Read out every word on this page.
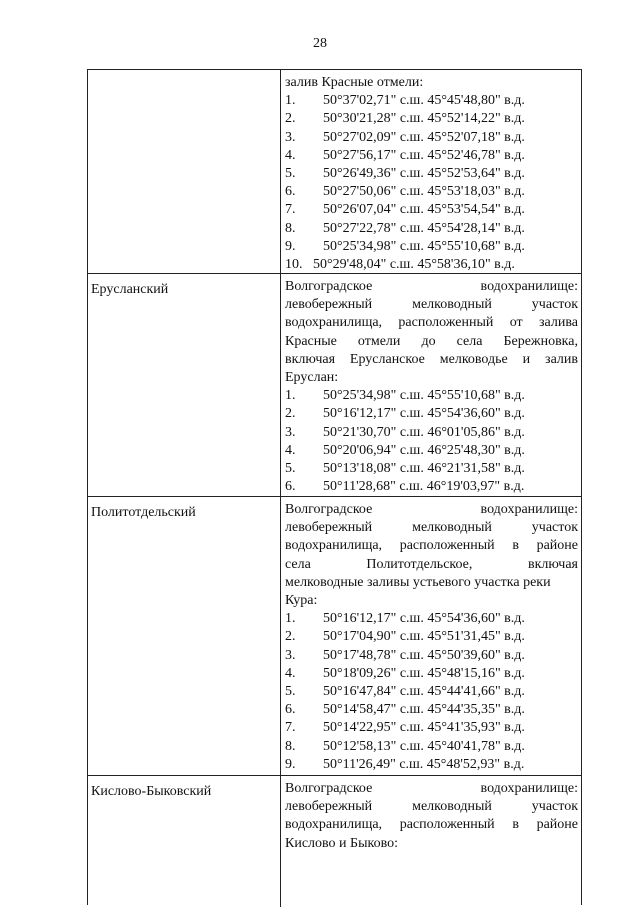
28
залив Красные отмели:
1.	50°37'02,71" с.ш. 45°45'48,80" в.д.
2.	50°30'21,28" с.ш. 45°52'14,22" в.д.
3.	50°27'02,09" с.ш. 45°52'07,18" в.д.
4.	50°27'56,17" с.ш. 45°52'46,78" в.д.
5.	50°26'49,36" с.ш. 45°52'53,64" в.д.
6.	50°27'50,06" с.ш. 45°53'18,03" в.д.
7.	50°26'07,04" с.ш. 45°53'54,54" в.д.
8.	50°27'22,78" с.ш. 45°54'28,14" в.д.
9.	50°25'34,98" с.ш. 45°55'10,68" в.д.
10. 50°29'48,04" с.ш. 45°58'36,10" в.д.
Ерусланский	Волгоградское водохранилище:
левобережный мелководный участок
водохранилища, расположенный от залива
Красные отмели до села Бережновка,
включая Еруслaнское мелководье и залив
Еруслан:
1.	50°25'34,98" с.ш. 45°55'10,68" в.д.
2.	50°16'12,17" с.ш. 45°54'36,60" в.д.
3.	50°21'30,70" с.ш. 46°01'05,86" в.д.
4.	50°20'06,94" с.ш. 46°25'48,30" в.д.
5.	50°13'18,08" с.ш. 46°21'31,58" в.д.
6.	50°11'28,68" с.ш. 46°19'03,97" в.д.
Политотдельский	Волгоградское водохранилище:
левобережный мелководный участок
водохранилища, расположенный в районе
села Политотдельское, включая
мелководные заливы устьевого участка реки Кура:
1.	50°16'12,17" с.ш. 45°54'36,60" в.д.
2.	50°17'04,90" с.ш. 45°51'31,45" в.д.
3.	50°17'48,78" с.ш. 45°50'39,60" в.д.
4.	50°18'09,26" с.ш. 45°48'15,16" в.д.
5.	50°16'47,84" с.ш. 45°44'41,66" в.д.
6.	50°14'58,47" с.ш. 45°44'35,35" в.д.
7.	50°14'22,95" с.ш. 45°41'35,93" в.д.
8.	50°12'58,13" с.ш. 45°40'41,78" в.д.
9.	50°11'26,49" с.ш. 45°48'52,93" в.д.
Кислово-Быковский	Волгоградское водохранилище:
левобережный мелководный участок
водохранилища, расположенный в районе
Кислово и Быково:
